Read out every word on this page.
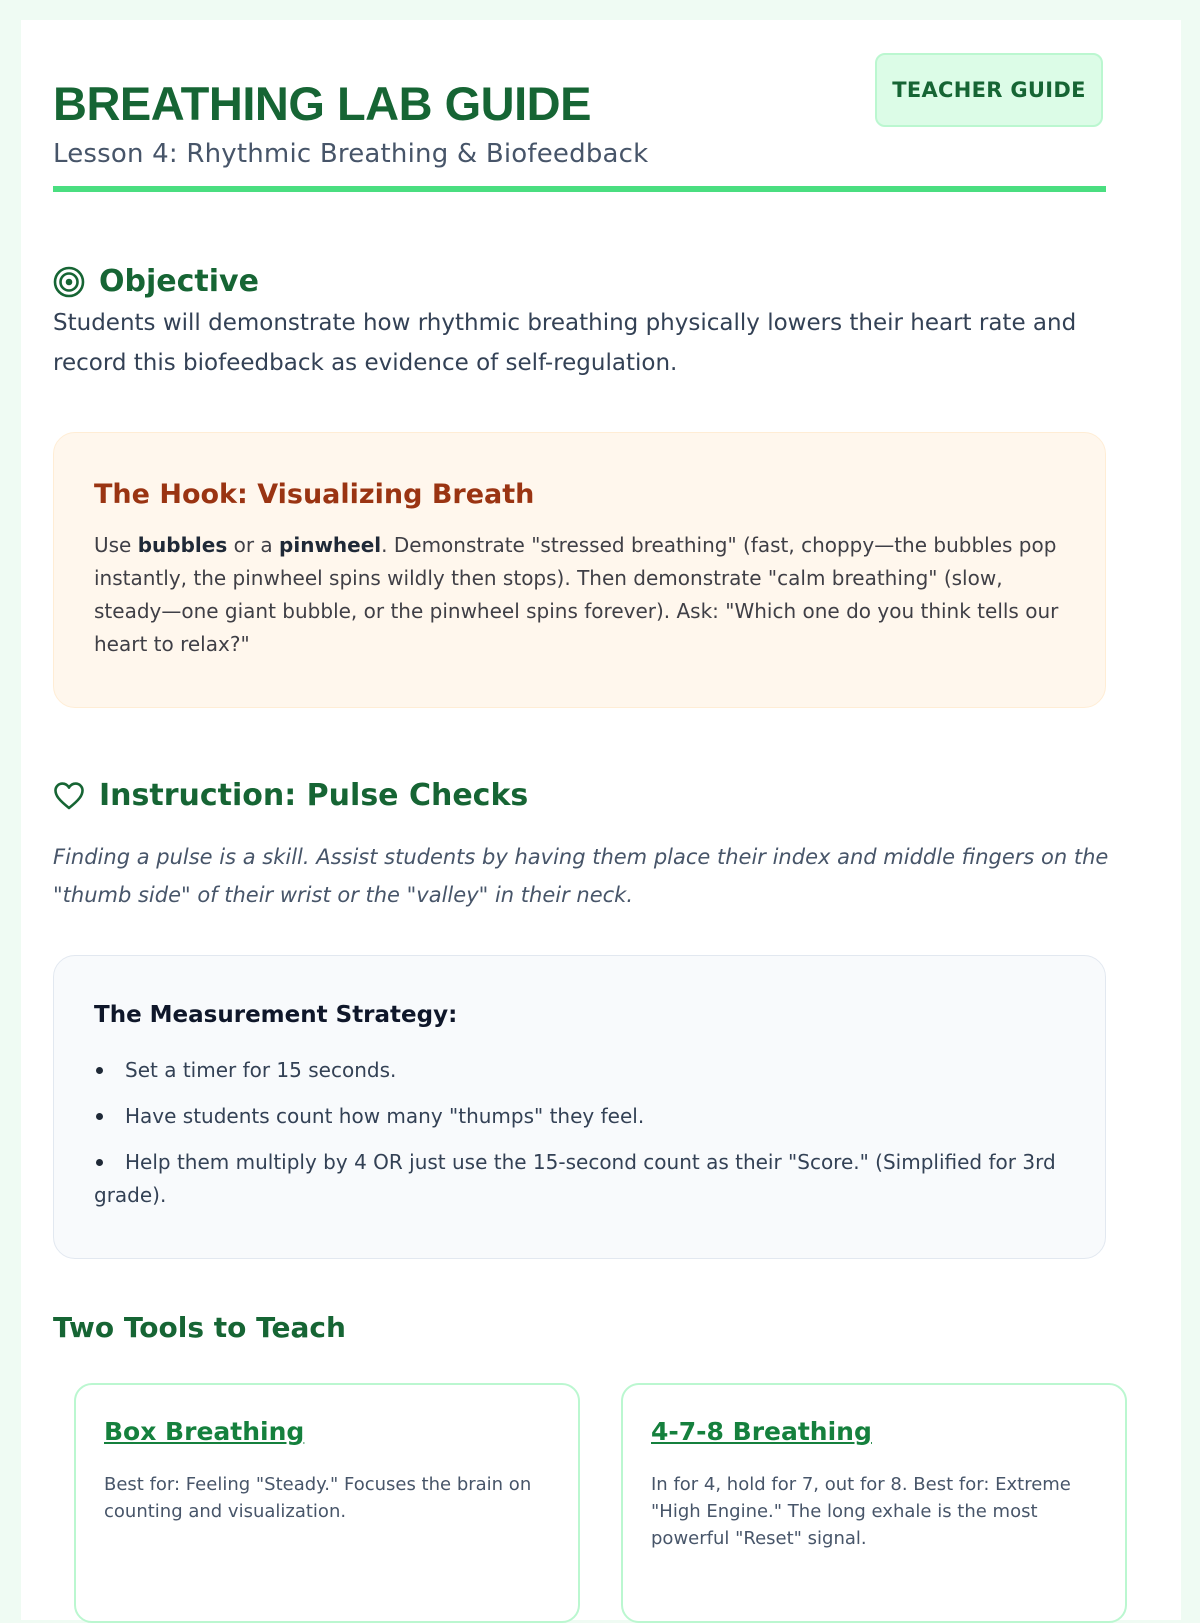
BREATHING LAB GUIDE

Lesson 4: Rhythmic Breathing & Biofeedback

TEACHER GUIDE
Objective

Students will demonstrate how rhythmic breathing physically lowers their heart rate and record this biofeedback as evidence of self-regulation.

The Hook: Visualizing Breath

Use bubbles or a pinwheel. Demonstrate "stressed breathing" (fast, choppy—the bubbles pop instantly, the pinwheel spins wildly then stops). Then demonstrate "calm breathing" (slow, steady—one giant bubble, or the pinwheel spins forever). Ask: "Which one do you think tells our heart to relax?"

Instruction: Pulse Checks

Finding a pulse is a skill. Assist students by having them place their index and middle fingers on the "thumb side" of their wrist or the "valley" in their neck.

The Measurement Strategy:
Set a timer for 15 seconds.
Have students count how many "thumps" they feel.
Help them multiply by 4 OR just use the 15-second count as their "Score." (Simplified for 3rd grade).
Two Tools to Teach
Box Breathing

Best for: Feeling "Steady." Focuses the brain on counting and visualization.

4-7-8 Breathing

In for 4, hold for 7, out for 8. Best for: Extreme "High Engine." The long exhale is the most powerful "Reset" signal.
